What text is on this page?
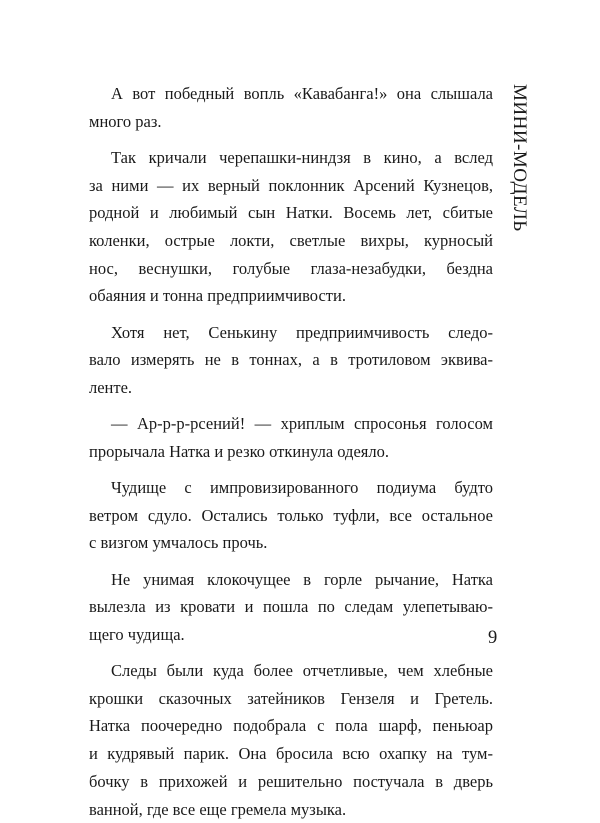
А вот победный вопль «Кавабанга!» она слышала
много раз.
Так кричали черепашки-ниндзя в кино, а вслед
за ними — их верный поклонник Арсений Кузнецов,
родной и любимый сын Натки. Восемь лет, сбитые
коленки, острые локти, светлые вихры, курносый
нос, веснушки, голубые глаза-незабудки, бездна
обаяния и тонна предприимчивости.
Хотя нет, Сенькину предприимчивость следо-
вало измерять не в тоннах, а в тротиловом эквива-
ленте.
— Ар-р-р-рсений! — хриплым спросонья голосом
прорычала Натка и резко откинула одеяло.
Чудище с импровизированного подиума будто
ветром сдуло. Остались только туфли, все остальное
с визгом умчалось прочь.
Не унимая клокочущее в горле рычание, Натка
вылезла из кровати и пошла по следам улепетываю-
щего чудища.
Следы были куда более отчетливые, чем хлебные
крошки сказочных затейников Гензеля и Гретель.
Натка поочередно подобрала с пола шарф, пеньюар
и кудрявый парик. Она бросила всю охапку на тум-
бочку в прихожей и решительно постучала в дверь
ванной, где все еще гремела музыка.
МИНИ-МОДЕЛЬ
9
